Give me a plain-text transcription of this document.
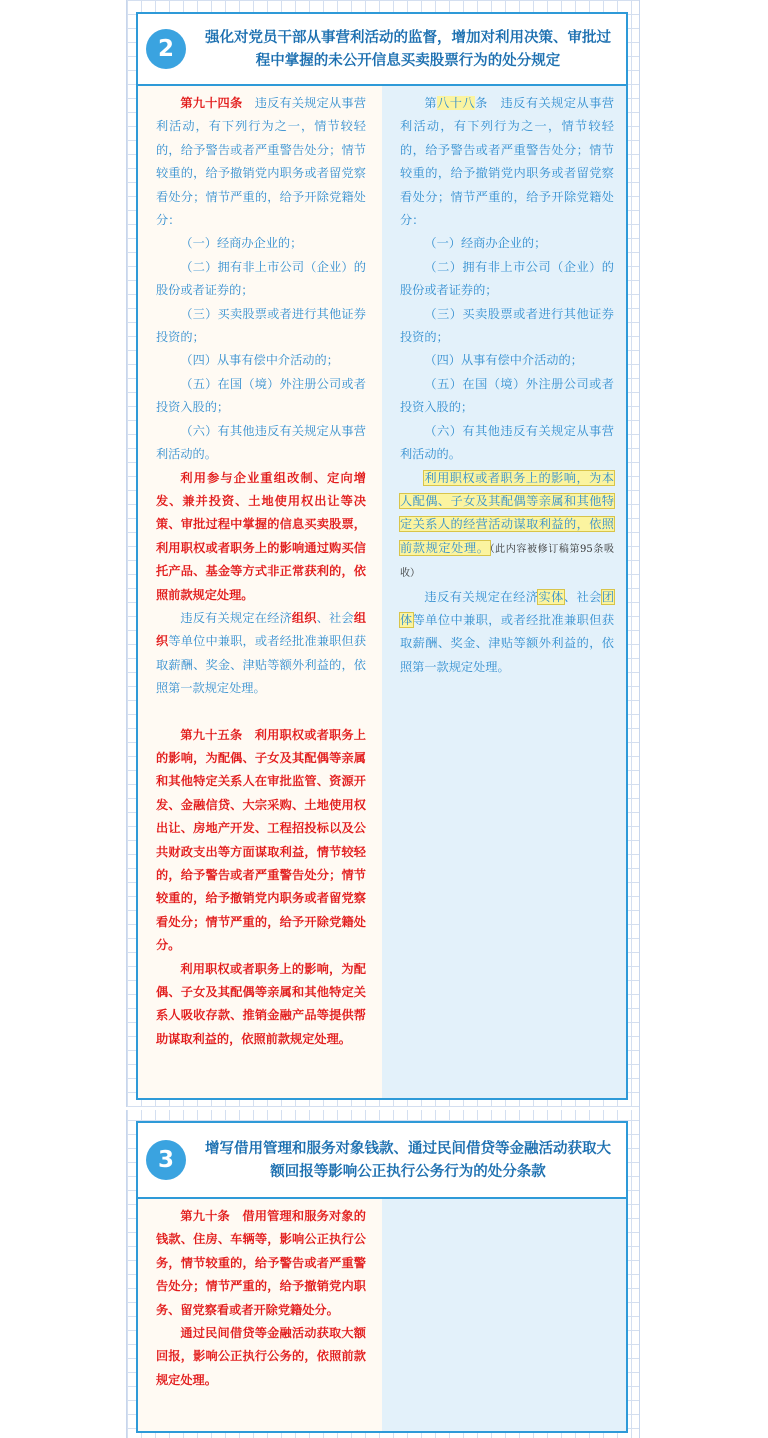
2	强化对党员干部从事营利活动的监督，增加对利用决策、审批过程中掌握的未公开信息买卖股票行为的处分规定

第九十四条　 违反有关规定从事营利活动，有下列行为之一，情节较轻的，给予警告或者严重警告处分；情节较重的，给予撤销党内职务或者留党察看处分；情节严重的，给予开除党籍处分：

（一）经商办企业的；

（二）拥有非上市公司（企业）的股份或者证券的；

（三）买卖股票或者进行其他证券投资的；

（四）从事有偿中介活动的；

（五）在国（境）外注册公司或者投资入股的；

（六）有其他违反有关规定从事营利活动的。

利用参与企业重组改制、定向增发、兼并投资、土地使用权出让等决策、审批过程中掌握的信息买卖股票，利用职权或者职务上的影响通过购买信托产品、基金等方式非正常获利的，依照前款规定处理。

违反有关规定在经济组织、社会组织等单位中兼职，或者经批准兼职但获取薪酬、奖金、津贴等额外利益的，依照第一款规定处理。

第九十五条　利用职权或者职务上的影响，为配偶、子女及其配偶等亲属和其他特定关系人在审批监管、资源开发、金融信贷、大宗采购、土地使用权出让、房地产开发、工程招投标以及公共财政支出等方面谋取利益，情节较轻的，给予警告或者严重警告处分；情节较重的，给予撤销党内职务或者留党察看处分；情节严重的，给予开除党籍处分。

利用职权或者职务上的影响，为配偶、子女及其配偶等亲属和其他特定关系人吸收存款、推销金融产品等提供帮助谋取利益的，依照前款规定处理。

第八十八条　 违反有关规定从事营利活动，有下列行为之一，情节较轻的，给予警告或者严重警告处分；情节较重的，给予撤销党内职务或者留党察看处分；情节严重的，给予开除党籍处分：

（一）经商办企业的；

（二）拥有非上市公司（企业）的股份或者证券的；

（三）买卖股票或者进行其他证券投资的；

（四）从事有偿中介活动的；

（五）在国（境）外注册公司或者投资入股的；

（六）有其他违反有关规定从事营利活动的。

利用职权或者职务上的影响，为本人配偶、子女及其配偶等亲属和其他特定关系人的经营活动谋取利益的，依照前款规定处理。（此内容被修订稿第95条吸收）

违反有关规定在经济实体、社会团体等单位中兼职，或者经批准兼职但获取薪酬、奖金、津贴等额外利益的，依照第一款规定处理。

3	增写借用管理和服务对象钱款、通过民间借贷等金融活动获取大额回报等影响公正执行公务行为的处分条款

第九十条　借用管理和服务对象的钱款、住房、车辆等，影响公正执行公务，情节较重的，给予警告或者严重警告处分；情节严重的，给予撤销党内职务、留党察看或者开除党籍处分。

通过民间借贷等金融活动获取大额回报，影响公正执行公务的，依照前款规定处理。
